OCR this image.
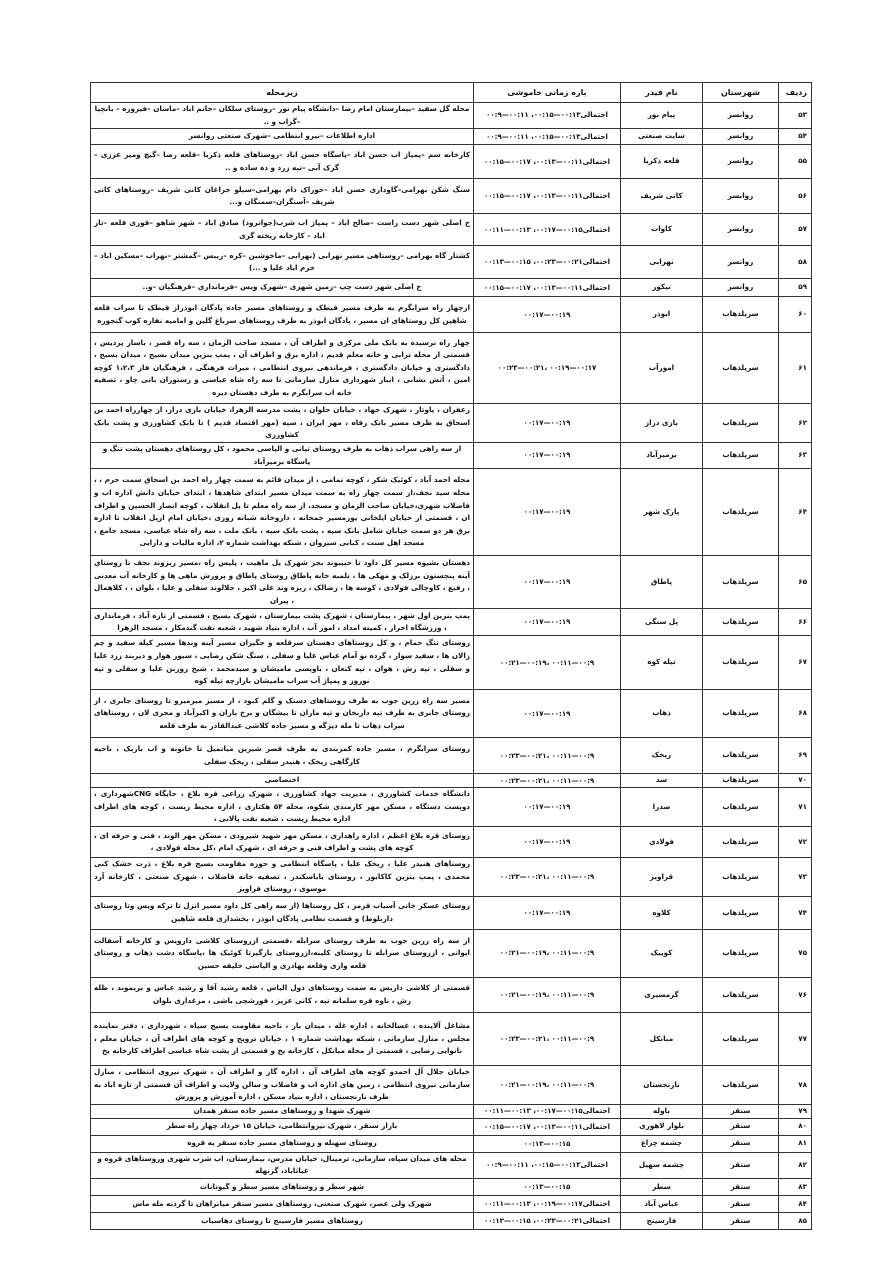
ردیف	شهرستان	نام فیدر	بازه زمانی خاموشی	زیرمحله
۵۳	روانسر	پیام نور	احتمالی۰۰:۱۳—۰۰:۱۵، ۰۰:۱۱—۰۰:۹	محله گل سفید –بیمارستان امام رضا –دانشگاه پیام نور –روستای سلکان –خانم اباد –ماسان –فیروزه – بانچیا –گراب و ..
۵۴	روانسر	سایت صنعتی	احتمالی۰۰:۱۳—۰۰:۱۵، ۰۰:۱۱—۰۰:۹	اداره اطلاعات –نیرو انتظامی –شهرک صنعتی روانسر
۵۵	روانسر	قلعه ذکریا	احتمالی۰۰:۱۱—۰۰:۱۳، ۰۰:۱۷—۰۰:۱۵	کارخانه سم –پمپاژ اب حسن اباد –پاسگاه حسن اباد –روستاهای قلعه ذکریا –قلعه رضا –گیچ ومیر عززی –گرک آبی –تپه زرد و ده ساده و ..
۵۶	روانسر	کانی شریف	احتمالی۰۰:۱۱—۰۰:۱۳، ۰۰:۱۷—۰۰:۱۵	سنگ شکن بهرامی–گاوداری حسن اباد –خوراک دام بهرامی–سیلو جراغان کانی شریف –روستاهای کانی شریف –آسنگران–سمنگان و...
۵۷	روانسر	کاوات	احتمالی۰۰:۱۵—۰۰:۱۷، ۰۰:۱۳—۰۰:۱۱	خ اصلی شهر دست راست –صالح اباد – پمپاژ اب شرب(جوانرود) صادق اباد – شهر شاهو –قوری قلعه –تاز اباد – کارخانه ریخته گری
۵۸	روانسر	نهرابی	احتمالی۰۰:۲۱—۰۰:۲۳، ۰۰:۱۵—۰۰:۱۳	کشتار گاه بهرامی –روستاهی مسیر نهرابی (نهرابی –ماخوشین –کره –ریبس –گمشتر –نهراب –مسکین اباد –خرم اباد علیا و ...)
۵۹	روانسر	نیکور	احتمالی۰۰:۱۱—۰۰:۱۳، ۰۰:۱۷—۰۰:۱۵	خ اصلی شهر دست چپ –زمین شهری –شهرک ویس –فرمانداری –فرهنگیان –و..
۶۰	سرپلذهاب	ابوذر	۰۰:۱۷—۰۰:۱۹	ازچهار راه سرابگرم به طرف مسیر قیطک و روستاهای مسیر جاده پادگان ابوذراز قیطک تا سراب قلعه شاهین کل روستاهای ان مسیر ، پادگان ابوذر به طرف روستاهای سرباغ گلین و امامیه نقاره کوب گنجوره
۶۱	سرپلذهاب	امورآب	۰۰:۲۳—۰۰:۲۱، ۰۰:۱۹—۰۰:۱۷	چهار راه نرسیده به بانک ملی مرکزی و اطراف آن ، مسجد صاحب الزمان ، سه راه قصر ، باساز پردیس ، قسمتی از محله ترابی و خانه معلم قدیم ، اداره برق و اطراف آن ، پمپ بنزین میدان بسیج ، میدان بسیج ، دادگستری و خیابان دادگستری ، فرماندهی نیروی انتظامی ، میراث فرهنگی ، فرهنگیان فاز ۱،۲،۳ کوچه امین ، آتش نشانی ، انبار شهرداری منازل سازمانی تا سه راه شاه عباسی و رستوران بانی چاو ، تصفیه خانه اب سرابگرم به طرف دهستان دیره
۶۲	سرپلذهاب	بازی دراز	۰۰:۱۷—۰۰:۱۹	زعفران ، پاوتار ، شهرک جهاد ، خیابان حلوان ، پشت مدرسه الزهرا، خیابان بازی دراز، از چهارراه احمد بن اسحاق به طرف مسیر بانک رفاه ، مهر ایران ، سپه (مهر اقتصاد قدیم ) تا بانک کشاورزی و پشت بانک کشاورزی
۶۳	سرپلذهاب	بزمیرآباد	۰۰:۱۷—۰۰:۱۹	از سه راهی سراب ذهاب به طرف روستای تپانی و الیاسی محمود ، کل روستاهای دهستان پشت تنگ و پاسگاه بزمیرآباد
۶۴	سرپلذهاب	پارک شهر	۰۰:۱۷—۰۰:۱۹	محله احمد آباد ، کوئیک شکر ، کوچه تمامی ، از میدان قائم به سمت چهار راه احمد بن اسحاق سمت حرم ، ، محله سید نجف،از سمت چهار راه به سمت میدان مسیر ابتدای شاهدها ، ابتدای خیابان دانش اداره اب و فاضلاب شهری،خیابان صاحب الزمان و مسجد، از سه راه معلم تا پل انقلاب ، کوچه انصار الحسین و اطراف ان ، قسمتی از خیابان ایلخانی پورمسیر جمخانه ، داروخانه شبانه روزی ،خیابان امام ازپل انقلاب تا اداره برق هر دو سمت خیابان شامل بانک سپه ، پشت بانک سپه ، بانک ملت ، سه راه شاه عباسی، مسجد جامع ، مسجد اهل سنت ، کبابی سیروان ، شبکه بهداشت شماره ۲، اداره مالیات و دارایی
۶۵	سرپلذهاب	پاطاق	۰۰:۱۷—۰۰:۱۹	دهستان بشیوه مسیر کل داود تا حبیبوند بجز شهرک پل ماهیت ، پلیس راه ،مسیر ریزوند نجف تا روستای آینه پنجستون برزلک و مهکی ها ، تلمبه خانه پاطاق روستای پاطاق و پرورش ماهی ها و کارخانه آب معدنی ، رفیع ، کاوچالی فولادی ، کوسه ها ، رضالک ، ریزه وند علی اکبر ، جلالوند سفلی و علیا ، بلوان ، ، کلاهمال ، پیران
۶۶	سرپلذهاب	پل سنگی	۰۰:۱۷—۰۰:۱۹	پمپ بنزین اول شهر ، بیمارستان ، شهرک پشت بیمارستان ، شهرک بسیج ، قسمتی از تازه آباد ، فرمانداری ، ورزشگاه احرار ، کمیته امداد ، امور آب ، اداره بنیاد شهید ، شعبه نفت گندمکار ، مسجد الزهرا
۶۷	سرپلذهاب	تیله کوه	۰۰:۲۱—۰۰:۱۹، ۰۰:۱۱—۰۰:۹	روستای تنگ حمام ، و کل روستاهای دهستان سرقلعه و جگیران مسیر آینه وندها مسیر کیله سفید و چم زالان ها ، سفید سوار ، گرده نو آمام عباس علیا و سفلی ، سنگ شکن رضایی ، سیور هوار و دیربند زرد علیا و سفلی ، تپه رش ، هوان ، تپه کنعان ، باویسی مامیشان و سیدمحمد ، شیخ روزبن علیا و سفلی و تپه نوروز و پمپاژ آب سراب مامیشان بازارچه تیله کوه
۶۸	سرپلذهاب	ذهاب	۰۰:۱۷—۰۰:۱۹	مسیر سه راه زرین جوب به طرف روستاهای دستک و گلم کبود ، از مسیر میرمیرو تا روستای جابری ، از روستای جابری به طرف تپه داربخان و تپه ماران تا بیشگان و برخ باران و اکبرآباد و مجری لان ، روستاهای سراب ذهاب تا مله دیزگه و مسیر جاده کلاشی عبدالقادر به طرف قلعه
۶۹	سرپلذهاب	ریخک	۰۰:۲۳—۰۰:۲۱، ۰۰:۱۱—۰۰:۹	روستای سرابگرم ، مسیر جاده کمربندی به طرف قصر شیرین میانمیل تا خانونه و اب باریک ، ناحیه کارگاهی ریخک ، هنیدر سفلی ، ریخک سفلی
۷۰	سرپلذهاب	سد	۰۰:۲۳—۰۰:۲۱، ۰۰:۱۱—۰۰:۹	اختصاصی
۷۱	سرپلذهاب	صدرا	۰۰:۱۷—۰۰:۱۹	دانشگاه خدمات کشاورزی ، مدیریت جهاد کشاورزی ، شهرک زراعی قره بلاغ ، جایگاه CNGشهرداری ، دویست دستگاه ، مسکن مهر کارمندی شکوه، محله ۵۴ هکتاری ، اداره محیط زیست ، کوچه های اطراف اداره محیط زیست ، شعبه نفت پالانی ،
۷۲	سرپلذهاب	فولادی	۰۰:۱۷—۰۰:۱۹	روستای قره بلاغ اعظم ، اداره راهداری ، مسکن مهر شهید شیرودی ، مسکن مهر الوند ، فنی و حرفه ای ، کوچه های پشت و اطراف فنی و حرفه ای ، شهرک امام ،کل محله فولادی ،
۷۳	سرپلذهاب	قراویز	۰۰:۲۳—۰۰:۲۱، ۰۰:۱۱—۰۰:۹	روستاهای هنیدر علیا ، ریخک علیا ، پاسگاه انتظامی و حوزه مقاومت بسیج قره بلاغ ، ذرت خشک کنی محمدی ، پمپ بنزین کاکابور ، روستای باباسکندر ، تصفیه خانه فاضلاب ، شهرک صنعتی ، کارخانه آرد موسوی ، روستای قراویز
۷۴	سرپلذهاب	کلاوه	۰۰:۱۷—۰۰:۱۹	روستای عسکر خانی آسیاب قرمز ، کل روستاها (از سه راهی کل داود مسیر انزل تا ترکه ویس وتا روستای داربلوط) و قسمت نظامی پادگان ابوذر ، بخشداری قلعه شاهین
۷۵	سرپلذهاب	کوییک	۰۰:۲۱—۰۰:۱۹، ۰۰:۱۱—۰۰:۹	از سه راه زرین جوب به طرف روستای سرابله ،قسمتی ازروستای کلاشی دارویس و کارخانه آسفالت ایوانی ، ازروستای سرابله تا روستای کلینه،ازروستای بازگیرتا کوئیک ها ،پاسگاه دشت ذهاب و روستای قلعه واری وقلعه بهادری و الیاسی خلیفه حسین
۷۶	سرپلذهاب	گرمسیری	۰۰:۲۱—۰۰:۱۹، ۰۰:۱۱—۰۰:۹	قسمتی از کلاشی داریس به سمت روستاهای دول الیاس ، قلعه رشید آقا و رشید عباس و بریموند ، ظله رش ، ناوه قره سلمانه تپه ، کانی عزیز ، قورشچی باشی ، مرغداری بلوان
۷۷	سرپلذهاب	مبانکل	۰۰:۲۳—۰۰:۲۱، ۰۰:۱۱—۰۰:۹	مشاغل آلاینده ، غسالخانه ، اداره غله ، میدان بار ، ناحیه مقاومت بسیج سپاه ، شهرداری ، دفتر نماینده مجلس ، منازل سازمانی ، شبکه بهداشت شماره ۱ ، خیابان ترویج و کوچه های اطراف آن ، خیابان معلم ، نانوایی رضایی ، قسمتی از محله مبانکل ، کارخانه یخ و قسمتی از پشت شاه عباسی اطراف کارخانه یخ
۷۸	سرپلذهاب	نارنجستان	۰۰:۲۱—۰۰:۱۹، ۰۰:۱۱—۰۰:۹	خیابان جلال آل احمدو کوچه های اطراف آن ، اداره گاز و اطراف آن ، شهرک نیروی انتظامی ، منازل سازمانی نیروی انتظامی ، زمین های اداره اب و فاضلاب و سالن ولایت و اطراف آن قسمتی از تازه اباد به طرف نارنجستان ، اداره بنیاد مسکن ، اداره آموزش و پرورش
۷۹	سنقر	باوله	احتمالی۰۰:۱۵—۰۰:۱۷، ۰۰:۱۳—۰۰:۱۱	شهرک شهدا و روستاهای مسیر جاده سنقر همدان
۸۰	سنقر	بلوار لاهوری	احتمالی۰۰:۱۱—۰۰:۱۳، ۰۰:۱۷—۰۰:۱۵	بازار سنقر ، شهرک نیروانتظامی، خیابان ۱۵ خرداد چهار راه سطر
۸۱	سنقر	چشمه چراغ	۰۰:۱۳—۰۰:۱۵	روستای سهنله و روستاهای مسیر جاده سنقر به قروه
۸۲	سنقر	چشمه سهیل	احتمالی۰۰:۱۳—۰۰:۱۵، ۰۰:۱۱—۰۰:۹	محله های میدان سپاه، سازمانی، ترمینال، خیابان مدرس، بیمارستان، اب شرب شهری وروستاهای قروه و غیاثاباد، گزنهله
۸۳	سنقر	سطر	۰۰:۱۳—۰۰:۱۵	شهر سطر و روستاهای مسیر سطر و گیوتانات
۸۴	سنقر	عباس آباد	احتمالی۰۰:۱۷—۰۰:۱۹، ۰۰:۱۳—۰۰:۱۱	شهرک ولی عصر، شهرک صنعتی، روستاهای مسیر سنقر میانراهان تا گردنه مله ماس
۸۵	سنقر	فارسینج	احتمالی۰۰:۲۱—۰۰:۲۳، ۰۰:۱۵—۰۰:۱۳	روستاهای مسیر فارسینج تا روستای دهاسیاب
